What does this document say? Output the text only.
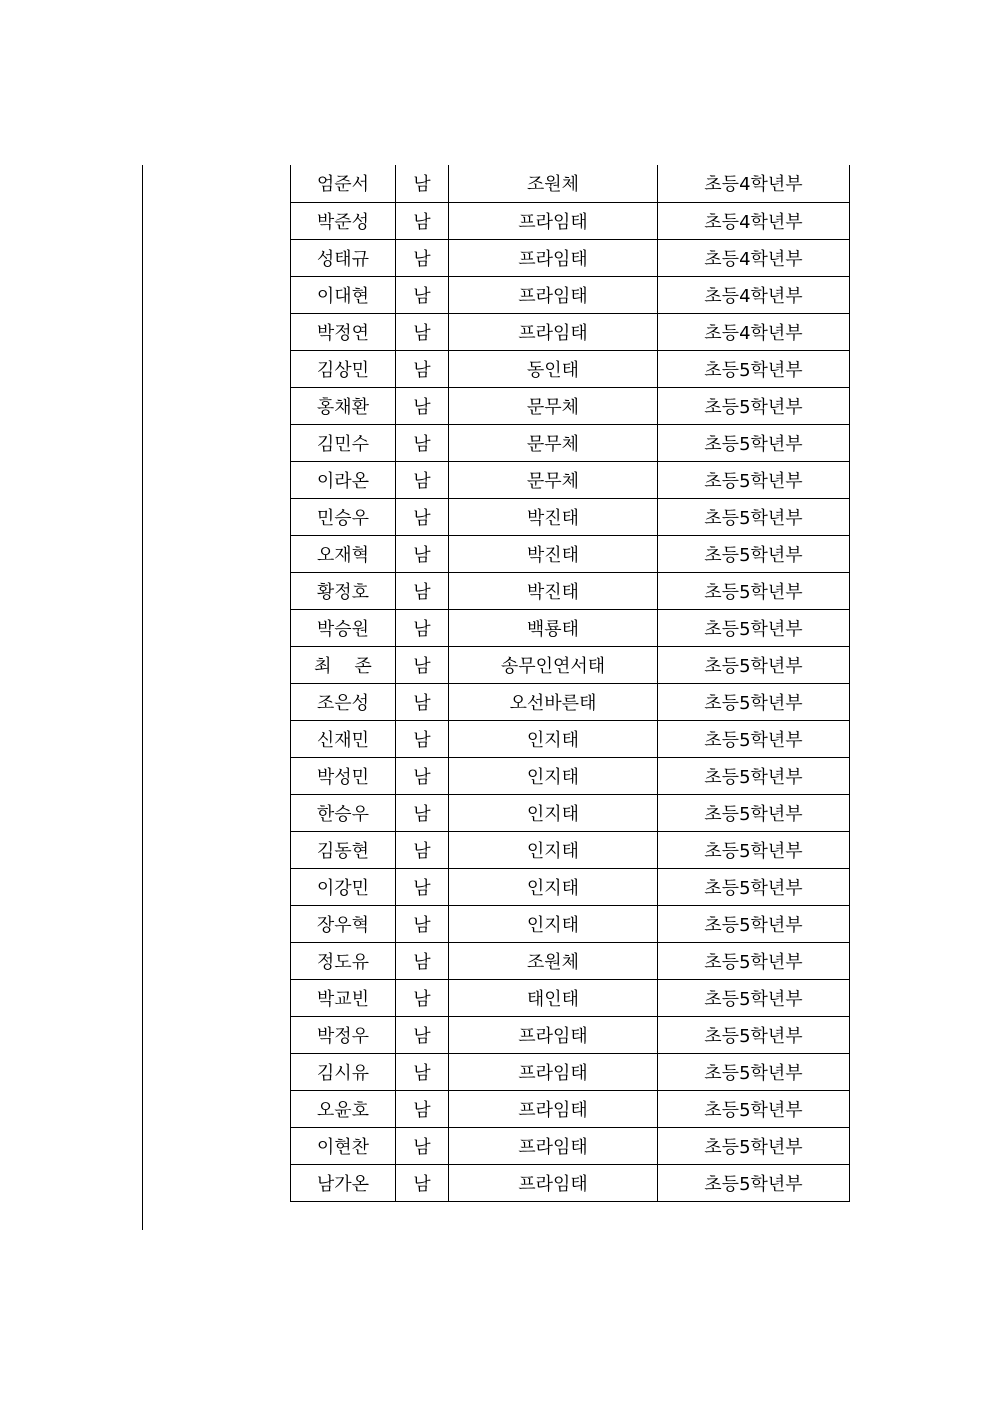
엄준서	남	조원체	초등4학년부
박준성	남	프라임태	초등4학년부
성태규	남	프라임태	초등4학년부
이대현	남	프라임태	초등4학년부
박정연	남	프라임태	초등4학년부
김상민	남	동인태	초등5학년부
홍채환	남	문무체	초등5학년부
김민수	남	문무체	초등5학년부
이라온	남	문무체	초등5학년부
민승우	남	박진태	초등5학년부
오재혁	남	박진태	초등5학년부
황정호	남	박진태	초등5학년부
박승원	남	백룡태	초등5학년부
최    존	남	송무인연서태	초등5학년부
조은성	남	오선바른태	초등5학년부
신재민	남	인지태	초등5학년부
박성민	남	인지태	초등5학년부
한승우	남	인지태	초등5학년부
김동현	남	인지태	초등5학년부
이강민	남	인지태	초등5학년부
장우혁	남	인지태	초등5학년부
정도유	남	조원체	초등5학년부
박교빈	남	태인태	초등5학년부
박정우	남	프라임태	초등5학년부
김시유	남	프라임태	초등5학년부
오윤호	남	프라임태	초등5학년부
이현찬	남	프라임태	초등5학년부
남가온	남	프라임태	초등5학년부
